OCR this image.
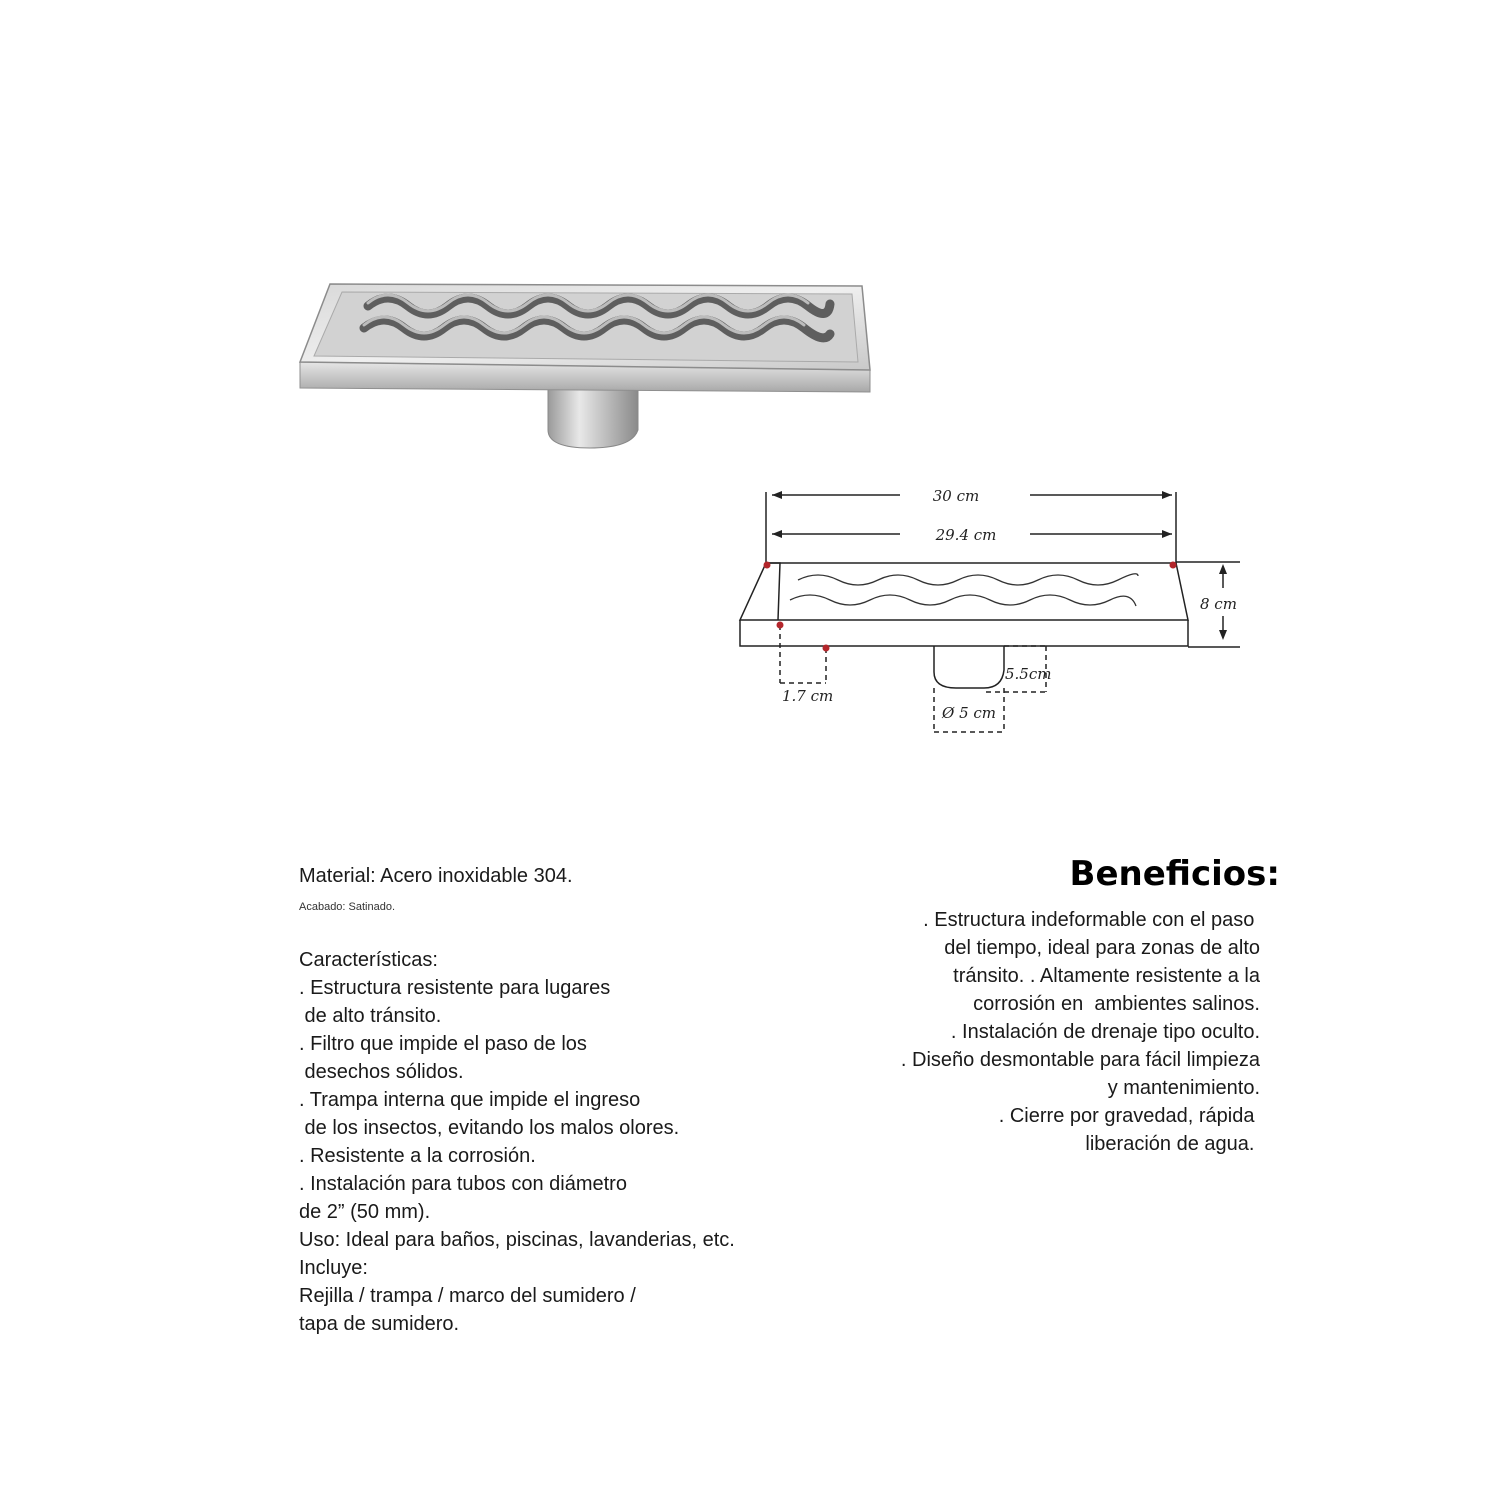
30 cm
29.4 cm
8 cm
1.7 cm
5.5cm
Ø 5 cm

Material: Acero inoxidable 304.

Acabado: Satinado.

Características:

. Estructura resistente para lugares

de alto tránsito.

. Filtro que impide el paso de los

desechos sólidos.

. Trampa interna que impide el ingreso

de los insectos, evitando los malos olores.

. Resistente a la corrosión.

. Instalación para tubos con diámetro

de 2” (50 mm).

Uso: Ideal para baños, piscinas, lavanderias, etc.

Incluye:

Rejilla / trampa / marco del sumidero /

tapa de sumidero.

Beneficios:

. Estructura indeformable con el paso

del tiempo, ideal para zonas de alto

tránsito. . Altamente resistente a la

corrosión en  ambientes salinos.

. Instalación de drenaje tipo oculto.

. Diseño desmontable para fácil limpieza

y mantenimiento.

. Cierre por gravedad, rápida

liberación de agua.
